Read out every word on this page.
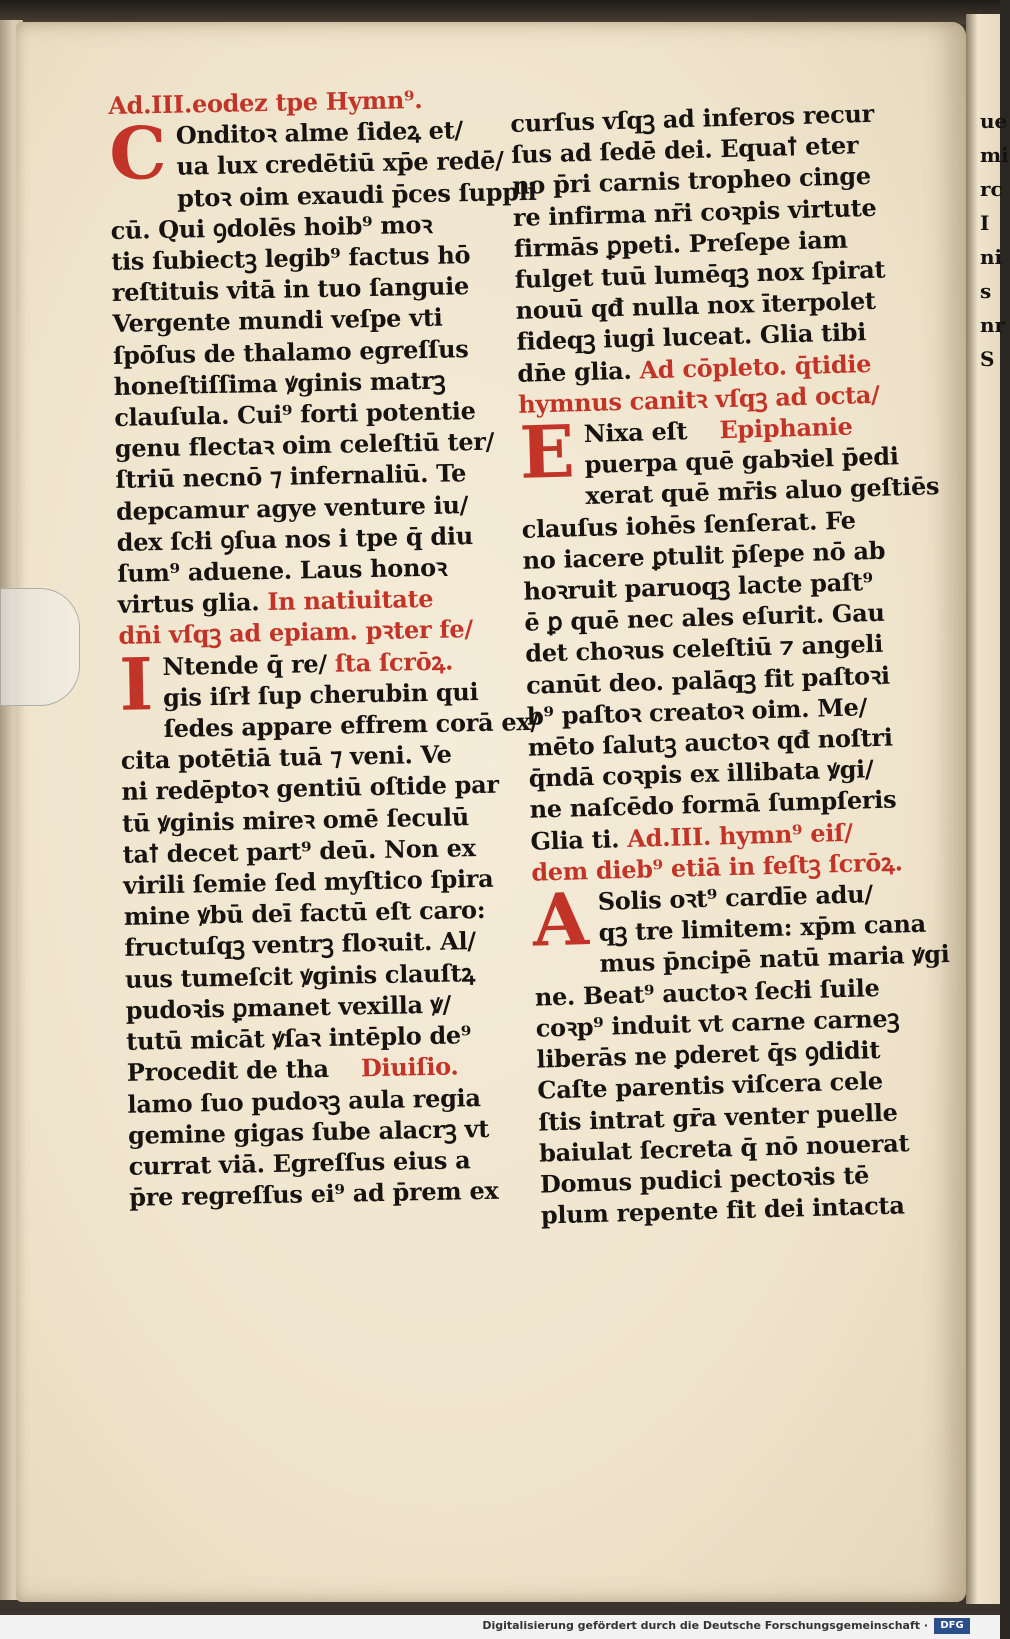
ue mi rc I nis nr S
Ad.III.eodez tpe Hymn⁹.
C Onditoꝛ alme ſideꝝ et/
ua lux credētiū xp̄e redē/
ptoꝛ oim exaudi p̄ces ſuppli
cū. Qui ꝯdolēs hoib⁹ moꝛ
tis ſubiectꝫ legib⁹ factus hō
reſtituis vitā in tuo ſanguie
Vergente mundi veſpe vti
ſpōſus de thalamo egreſſus
honeſtiſſima ꝟginis matrꝫ
clauſula. Cui⁹ forti potentie
genu flectaꝛ oim celeſtiū ter/
ſtriū necnō ⁊ infernaliū. Te
depcamur agye venture iu/
dex ſcłi ꝯſua nos i tpe q̄ diu
ſum⁹ aduene. Laus honoꝛ
virtus glia. In natiuitate
dn̄i vſqꝫ ad epiam. pꝛter fe/
I Ntende q̄ re/ ſta ſcrōꝝ.
gis iſrł ſup cherubin qui
ſedes appare effrem corā ex/
cita potētiā tuā ⁊ veni. Ve
ni redēptoꝛ gentiū oſtide par
tū ꝟginis mireꝛ omē ſeculū
taꝉ decet part⁹ deū. Non ex
virili ſemie ſed myſtico ſpira
mine ꝟbū deī factū eſt caro:
fructuſqꝫ ventrꝫ floꝛuit. Al/
uus tumeſcit ꝟginis clauſtꝝ
pudoꝛis ꝑmanet vexilla ꝟ/
tutū micāt ꝟſaꝛ intēplo de⁹
Procedit de tha Diuiſio.
lamo ſuo pudoꝛꝫ aula regia
gemine gigas ſube alacrꝫ vt
currat viā. Egreſſus eius a
p̄re regreſſus ei⁹ ad p̄rem ex
curſus vſqꝫ ad inferos recur
ſus ad ſedē dei. Equaꝉ eter
no p̄ri carnis tropheo cinge
re infirma nr̄i coꝛpis virtute
firmās ꝑpeti. Preſepe iam
fulget tuū lumēqꝫ nox ſpirat
nouū qđ nulla nox īterpolet
fideqꝫ iugi luceat. Glia tibi
dn̄e glia. Ad cōpleto. q̄tidie
hymnus canitꝛ vſqꝫ ad octa/
E Nixa eſt Epiphanie
puerpa quē gabꝛiel p̄edi
xerat quē mr̄is aluo geſtiēs
clauſus iohēs ſenſerat. Fe
no iacere ꝑtulit p̄ſepe nō ab
hoꝛruit paruoqꝫ lacte paſt⁹
ē ꝑ quē nec ales eſurit. Gau
det choꝛus celeſtiū ⁊ angeli
canūt deo. palāqꝫ fit paſtoꝛi
b⁹ paſtoꝛ creatoꝛ oim. Me/
mēto ſalutꝫ auctoꝛ qđ noſtri
q̄ndā coꝛpis ex illibata ꝟgi/
ne naſcēdo formā ſumpſeris
Glia ti. Ad.III. hymn⁹ eiſ/
dem dieb⁹ etiā in feſtꝫ ſcrōꝝ.
A Solis oꝛt⁹ cardīe adu/
qꝫ tre limitem: xp̄m cana
mus p̄ncipē natū maria ꝟgi
ne. Beat⁹ auctoꝛ ſecłi ſuile
coꝛp⁹ induit vt carne carneꝫ
liberās ne ꝑderet q̄s ꝯdidit
Caſte parentis viſcera cele
ſtis intrat gr̄a venter puelle
baiulat ſecreta q̄ nō nouerat
Domus pudici pectoꝛis tē
plum repente fit dei intacta
Digitalisierung gefördert durch die Deutsche Forschungsgemeinschaft ·	DFG
